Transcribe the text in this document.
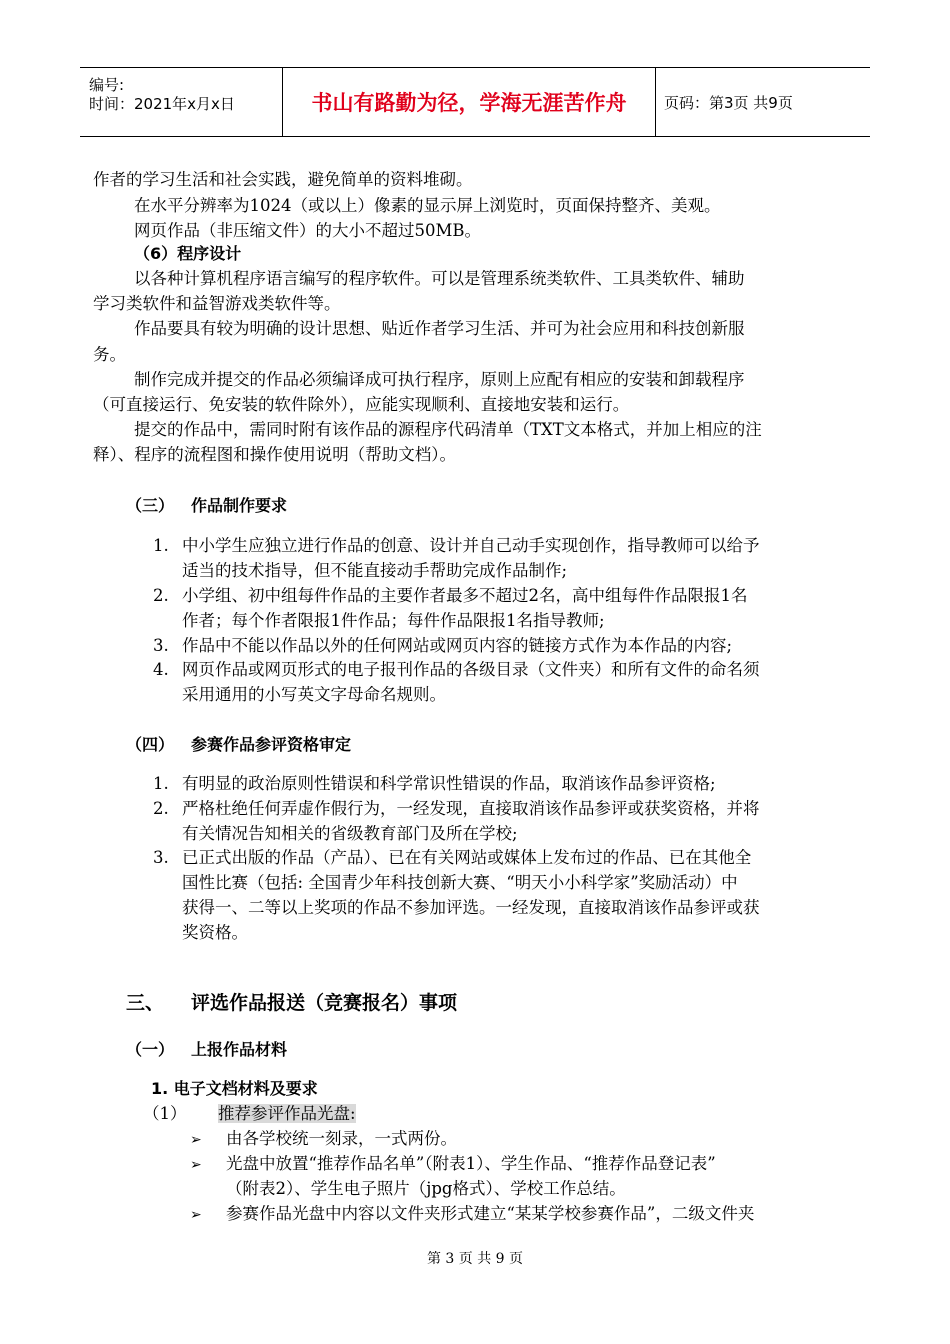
编号:
时间：2021年x月x日	书山有路勤为径，学海无涯苦作舟	页码：第3页 共9页
作者的学习生活和社会实践，避免简单的资料堆砌。
在水平分辨率为1024（或以上）像素的显示屏上浏览时，页面保持整齐、美观。
网页作品（非压缩文件）的大小不超过50MB。
（6）程序设计
以各种计算机程序语言编写的程序软件。可以是管理系统类软件、工具类软件、辅助
学习类软件和益智游戏类软件等。
作品要具有较为明确的设计思想、贴近作者学习生活、并可为社会应用和科技创新服
务。
制作完成并提交的作品必须编译成可执行程序，原则上应配有相应的安装和卸载程序
（可直接运行、免安装的软件除外），应能实现顺利、直接地安装和运行。
提交的作品中，需同时附有该作品的源程序代码清单（TXT文本格式，并加上相应的注
释）、程序的流程图和操作使用说明（帮助文档）。
（三） 作品制作要求
1. 中小学生应独立进行作品的创意、设计并自己动手实现创作，指导教师可以给予
适当的技术指导，但不能直接动手帮助完成作品制作;
2. 小学组、初中组每件作品的主要作者最多不超过2名，高中组每件作品限报1名
作者；每个作者限报1件作品；每件作品限报1名指导教师;
3. 作品中不能以作品以外的任何网站或网页内容的链接方式作为本作品的内容;
4. 网页作品或网页形式的电子报刊作品的各级目录（文件夹）和所有文件的命名须
采用通用的小写英文字母命名规则。
（四） 参赛作品参评资格审定
1. 有明显的政治原则性错误和科学常识性错误的作品，取消该作品参评资格;
2. 严格杜绝任何弄虚作假行为，一经发现，直接取消该作品参评或获奖资格，并将
有关情况告知相关的省级教育部门及所在学校;
3. 已正式出版的作品（产品）、已在有关网站或媒体上发布过的作品、已在其他全
国性比赛（包括: 全国青少年科技创新大赛、“明天小小科学家”奖励活动）中
获得一、二等以上奖项的作品不参加评选。一经发现，直接取消该作品参评或获
奖资格。
三、 评选作品报送（竞赛报名）事项
（一） 上报作品材料
1. 电子文档材料及要求
（1） 推荐参评作品光盘:
➢ 由各学校统一刻录，一式两份。
➢ 光盘中放置“推荐作品名单”（附表1）、学生作品、“推荐作品登记表”
（附表2）、学生电子照片（jpg格式）、学校工作总结。
➢ 参赛作品光盘中内容以文件夹形式建立“某某学校参赛作品”，二级文件夹
第 3 页 共 9 页
